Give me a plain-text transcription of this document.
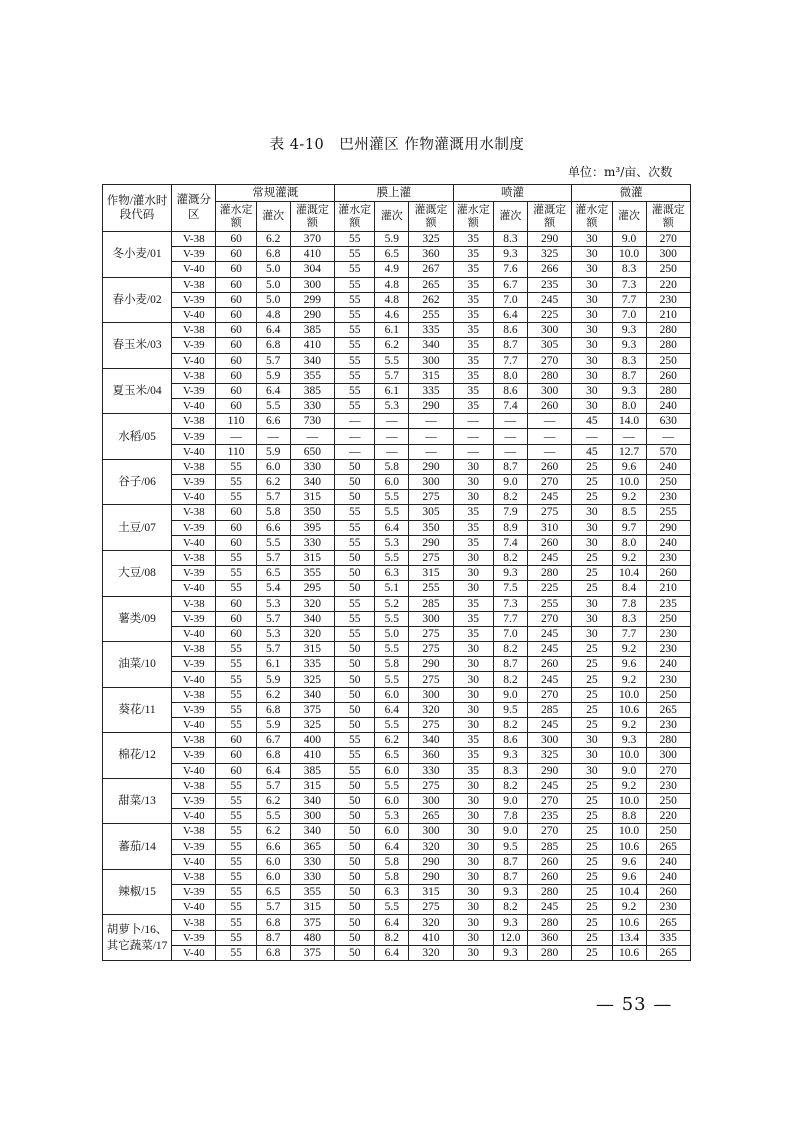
表 4-10　巴州灌区 作物灌溉用水制度
单位：m³/亩、次数
作物/灌水时段代码	灌溉分区	常规灌溉			膜上灌			喷灌			微灌		
		灌水定额	灌次	灌溉定额	灌水定额	灌次	灌溉定额	灌水定额	灌次	灌溉定额	灌水定额	灌次	灌溉定额
冬小麦/01	V-38	60	6.2	370	55	5.9	325	35	8.3	290	30	9.0	270
	V-39	60	6.8	410	55	6.5	360	35	9.3	325	30	10.0	300
	V-40	60	5.0	304	55	4.9	267	35	7.6	266	30	8.3	250
春小麦/02	V-38	60	5.0	300	55	4.8	265	35	6.7	235	30	7.3	220
	V-39	60	5.0	299	55	4.8	262	35	7.0	245	30	7.7	230
	V-40	60	4.8	290	55	4.6	255	35	6.4	225	30	7.0	210
春玉米/03	V-38	60	6.4	385	55	6.1	335	35	8.6	300	30	9.3	280
	V-39	60	6.8	410	55	6.2	340	35	8.7	305	30	9.3	280
	V-40	60	5.7	340	55	5.5	300	35	7.7	270	30	8.3	250
夏玉米/04	V-38	60	5.9	355	55	5.7	315	35	8.0	280	30	8.7	260
	V-39	60	6.4	385	55	6.1	335	35	8.6	300	30	9.3	280
	V-40	60	5.5	330	55	5.3	290	35	7.4	260	30	8.0	240
水稻/05	V-38	110	6.6	730	—	—	—	—	—	—	45	14.0	630
	V-39	—	—	—	—	—	—	—	—	—	—	—	—
	V-40	110	5.9	650	—	—	—	—	—	—	45	12.7	570
谷子/06	V-38	55	6.0	330	50	5.8	290	30	8.7	260	25	9.6	240
	V-39	55	6.2	340	50	6.0	300	30	9.0	270	25	10.0	250
	V-40	55	5.7	315	50	5.5	275	30	8.2	245	25	9.2	230
土豆/07	V-38	60	5.8	350	55	5.5	305	35	7.9	275	30	8.5	255
	V-39	60	6.6	395	55	6.4	350	35	8.9	310	30	9.7	290
	V-40	60	5.5	330	55	5.3	290	35	7.4	260	30	8.0	240
大豆/08	V-38	55	5.7	315	50	5.5	275	30	8.2	245	25	9.2	230
	V-39	55	6.5	355	50	6.3	315	30	9.3	280	25	10.4	260
	V-40	55	5.4	295	50	5.1	255	30	7.5	225	25	8.4	210
薯类/09	V-38	60	5.3	320	55	5.2	285	35	7.3	255	30	7.8	235
	V-39	60	5.7	340	55	5.5	300	35	7.7	270	30	8.3	250
	V-40	60	5.3	320	55	5.0	275	35	7.0	245	30	7.7	230
油菜/10	V-38	55	5.7	315	50	5.5	275	30	8.2	245	25	9.2	230
	V-39	55	6.1	335	50	5.8	290	30	8.7	260	25	9.6	240
	V-40	55	5.9	325	50	5.5	275	30	8.2	245	25	9.2	230
葵花/11	V-38	55	6.2	340	50	6.0	300	30	9.0	270	25	10.0	250
	V-39	55	6.8	375	50	6.4	320	30	9.5	285	25	10.6	265
	V-40	55	5.9	325	50	5.5	275	30	8.2	245	25	9.2	230
棉花/12	V-38	60	6.7	400	55	6.2	340	35	8.6	300	30	9.3	280
	V-39	60	6.8	410	55	6.5	360	35	9.3	325	30	10.0	300
	V-40	60	6.4	385	55	6.0	330	35	8.3	290	30	9.0	270
甜菜/13	V-38	55	5.7	315	50	5.5	275	30	8.2	245	25	9.2	230
	V-39	55	6.2	340	50	6.0	300	30	9.0	270	25	10.0	250
	V-40	55	5.5	300	50	5.3	265	30	7.8	235	25	8.8	220
蕃茄/14	V-38	55	6.2	340	50	6.0	300	30	9.0	270	25	10.0	250
	V-39	55	6.6	365	50	6.4	320	30	9.5	285	25	10.6	265
	V-40	55	6.0	330	50	5.8	290	30	8.7	260	25	9.6	240
辣椒/15	V-38	55	6.0	330	50	5.8	290	30	8.7	260	25	9.6	240
	V-39	55	6.5	355	50	6.3	315	30	9.3	280	25	10.4	260
	V-40	55	5.7	315	50	5.5	275	30	8.2	245	25	9.2	230
胡萝卜/16、其它蔬菜/17	V-38	55	6.8	375	50	6.4	320	30	9.3	280	25	10.6	265
	V-39	55	8.7	480	50	8.2	410	30	12.0	360	25	13.4	335
	V-40	55	6.8	375	50	6.4	320	30	9.3	280	25	10.6	265
— 53 —
